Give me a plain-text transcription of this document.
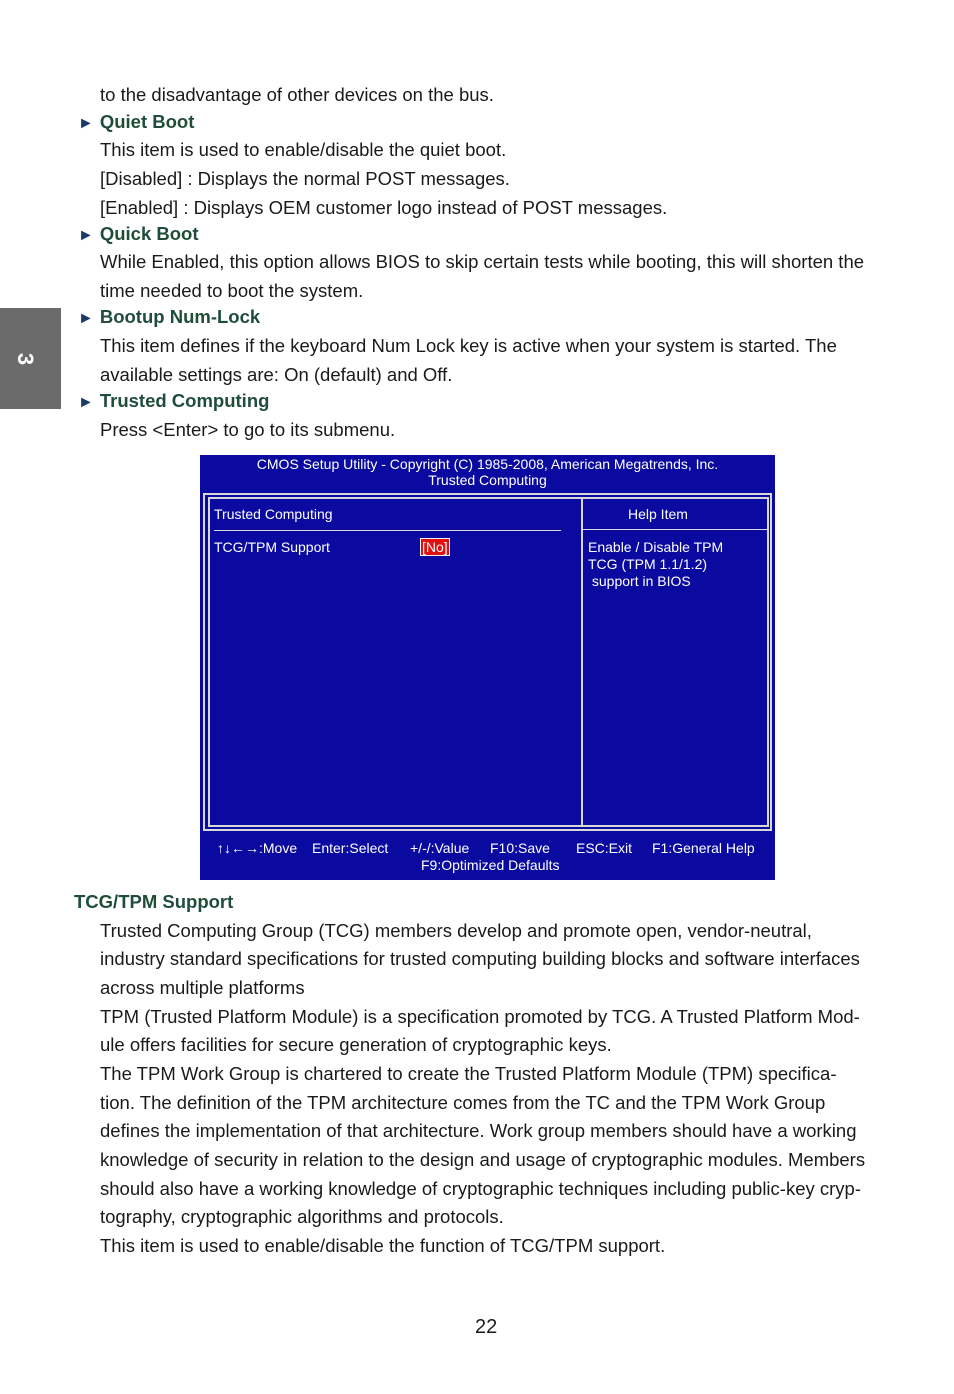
3
to the disadvantage of other devices on the bus.
► Quiet Boot
This item is used to enable/disable the quiet boot.
[Disabled] : Displays the normal POST messages.
[Enabled] : Displays OEM customer logo instead of POST messages.
► Quick Boot
While Enabled, this option allows BIOS to skip certain tests while booting, this will shorten the
time needed to boot the system.
► Bootup Num-Lock
This item defines if the keyboard Num Lock key is active when your system is started. The
available settings are: On (default) and Off.
► Trusted Computing
Press <Enter> to go to its submenu.
CMOS Setup Utility - Copyright (C) 1985-2008, American Megatrends, Inc.
Trusted Computing
Trusted Computing	Help Item
TCG/TPM Support	[No]	Enable / Disable TPM
TCG (TPM 1.1/1.2)
support in BIOS
↑↓←→:Move Enter:Select +/-/:Value F10:Save ESC:Exit F1:General Help
F9:Optimized Defaults
TCG/TPM Support
Trusted Computing Group (TCG) members develop and promote open, vendor-neutral,
industry standard specifications for trusted computing building blocks and software interfaces
across multiple platforms
TPM (Trusted Platform Module) is a specification promoted by TCG. A Trusted Platform Mod-
ule offers facilities for secure generation of cryptographic keys.
The TPM Work Group is chartered to create the Trusted Platform Module (TPM) specifica-
tion. The definition of the TPM architecture comes from the TC and the TPM Work Group
defines the implementation of that architecture. Work group members should have a working
knowledge of security in relation to the design and usage of cryptographic modules. Members
should also have a working knowledge of cryptographic techniques including public-key cryp-
tography, cryptographic algorithms and protocols.
This item is used to enable/disable the function of TCG/TPM support.
22
